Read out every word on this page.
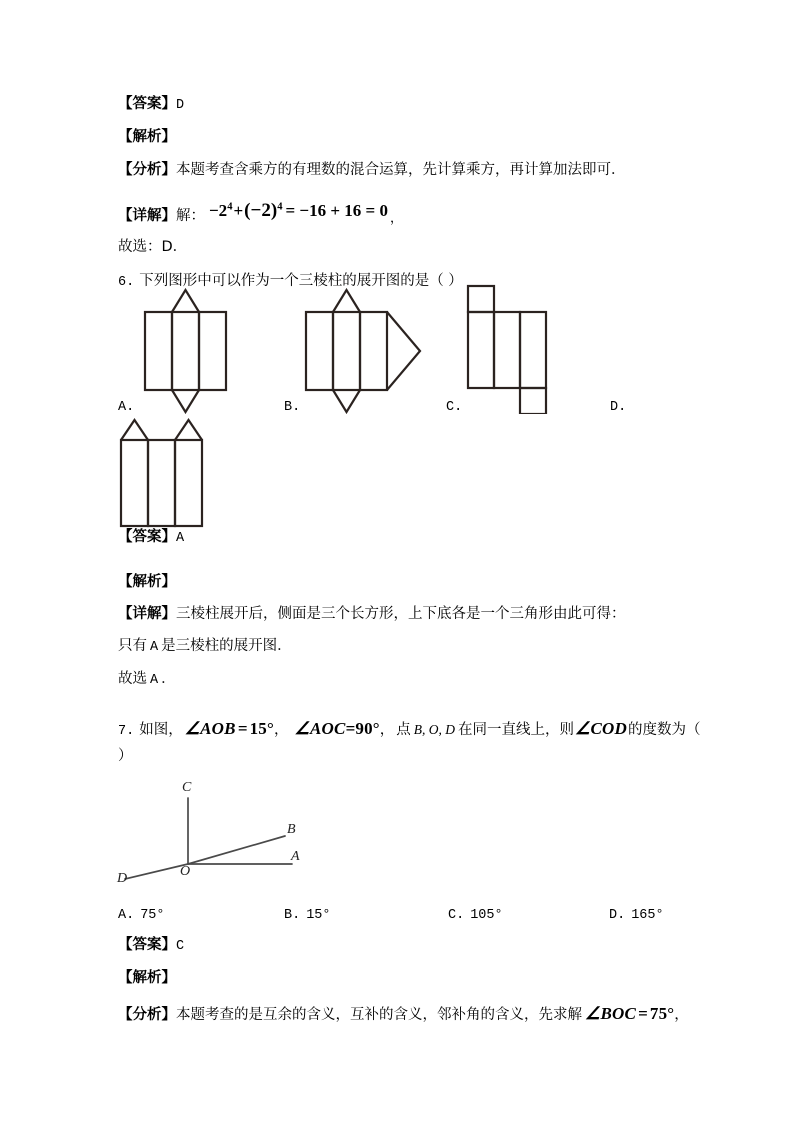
【答案】D
【解析】
【分析】本题考查含乘方的有理数的混合运算，先计算乘方，再计算加法即可．
【详解】解： $-2^4+(-2)^4 = -16 + 16 = 0$ $_,$
故选：D．
6. 下列图形中可以作为一个三棱柱的展开图的是（ ）
A.	B.	C.	D.
【答案】A
【解析】
【详解】三棱柱展开后，侧面是三个长方形，上下底各是一个三角形由此可得：
只有 A 是三棱柱的展开图．
故选 A ．
7. 如图， ∠AOB = 15°， ∠AOC=90°， 点 B, O, D 在同一直线上，则∠COD的度数为（
）
C
B
A
O
D
A. 75°	B. 15°	C. 105°	D. 165°
【答案】C
【解析】
【分析】本题考查的是互余的含义，互补的含义，邻补角的含义，先求解 ∠BOC = 75°，
